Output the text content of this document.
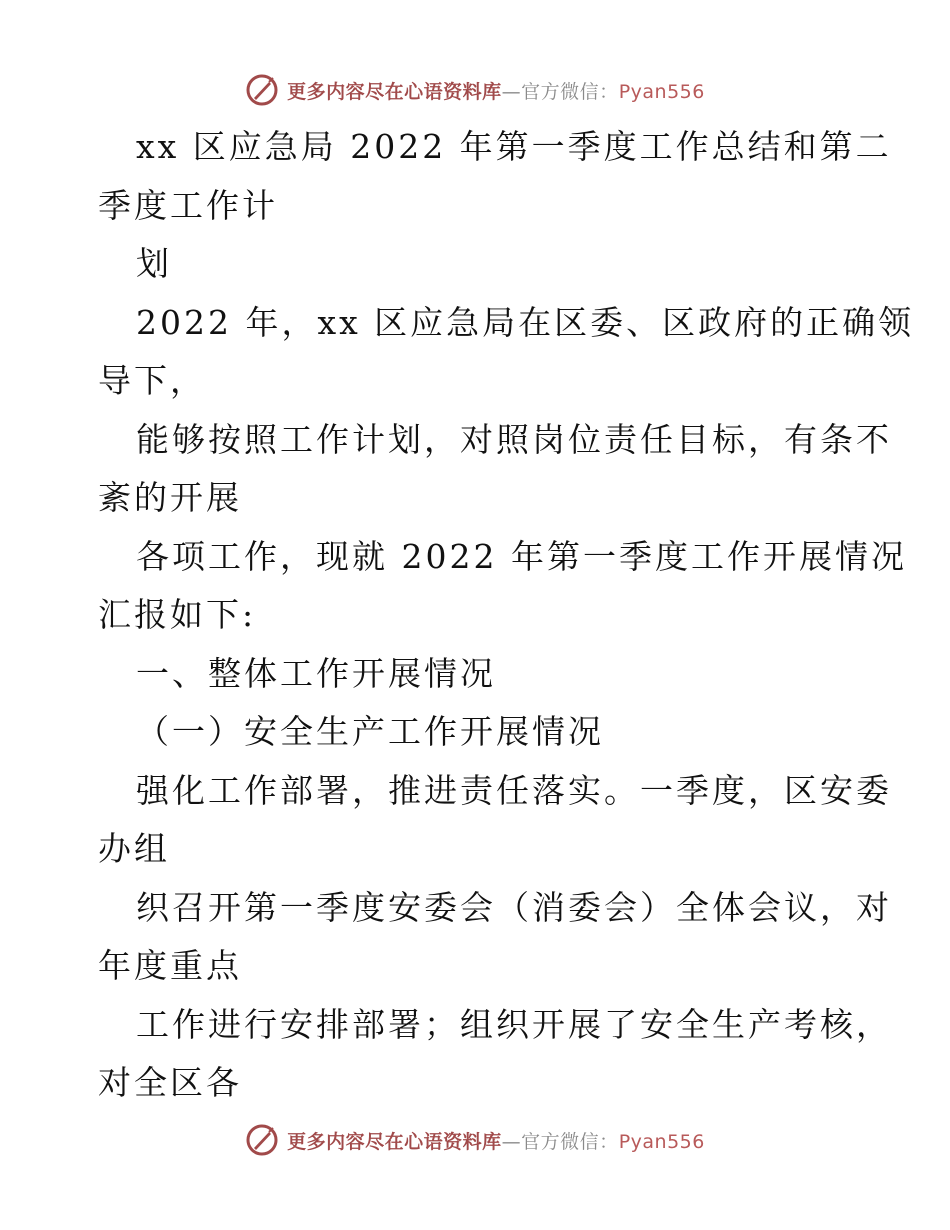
更多内容尽在心语资料库—官方微信：Pyan556
xx 区应急局 2022 年第一季度工作总结和第二
季度工作计
划
2022 年，xx 区应急局在区委、区政府的正确领
导下，
能够按照工作计划，对照岗位责任目标，有条不
紊的开展
各项工作，现就 2022 年第一季度工作开展情况
汇报如下:
一、整体工作开展情况
（一）安全生产工作开展情况
强化工作部署，推进责任落实。一季度，区安委
办组
织召开第一季度安委会（消委会）全体会议，对
年度重点
工作进行安排部署；组织开展了安全生产考核，
对全区各
更多内容尽在心语资料库—官方微信：Pyan556
